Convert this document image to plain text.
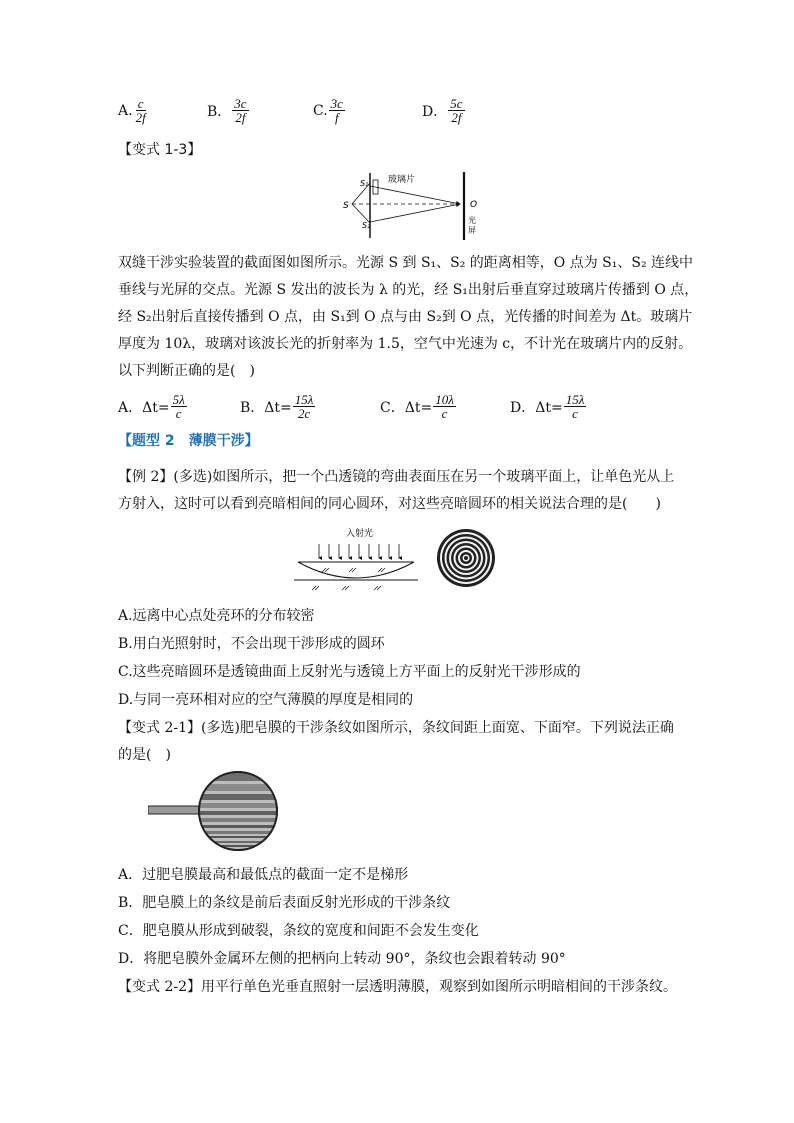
A. $\frac{c}{2f}$	B． $\frac{3c}{2f}$	C. $\frac{3c}{f}$	D． $\frac{5c}{2f}$
【变式 1-3】
玻璃片
S₁
S
S₂
O
光
屏
双缝干涉实验装置的截面图如图所示。光源 S 到 S₁、S₂ 的距离相等，O 点为 S₁、S₂ 连线中
垂线与光屏的交点。光源 S 发出的波长为 λ 的光，经 S₁出射后垂直穿过玻璃片传播到 O 点，
经 S₂出射后直接传播到 O 点，由 S₁到 O 点与由 S₂到 O 点，光传播的时间差为 Δt。玻璃片
厚度为 10λ，玻璃对该波长光的折射率为 1.5，空气中光速为 c，不计光在玻璃片内的反射。
以下判断正确的是(　)
A．$\Delta t= \frac{5\lambda}{c}$	B．$\Delta t= \frac{15\lambda}{2c}$	C．$\Delta t= \frac{10\lambda}{c}$	D．$\Delta t= \frac{15\lambda}{c}$
【题型 2　薄膜干涉】
【例 2】(多选)如图所示，把一个凸透镜的弯曲表面压在另一个玻璃平面上，让单色光从上
方射入，这时可以看到亮暗相间的同心圆环，对这些亮暗圆环的相关说法合理的是(　　)
入射光
A.远离中心点处亮环的分布较密
B.用白光照射时，不会出现干涉形成的圆环
C.这些亮暗圆环是透镜曲面上反射光与透镜上方平面上的反射光干涉形成的
D.与同一亮环相对应的空气薄膜的厚度是相同的
【变式 2-1】(多选)肥皂膜的干涉条纹如图所示，条纹间距上面宽、下面窄。下列说法正确
的是(　)
A．过肥皂膜最高和最低点的截面一定不是梯形
B．肥皂膜上的条纹是前后表面反射光形成的干涉条纹
C．肥皂膜从形成到破裂，条纹的宽度和间距不会发生变化
D．将肥皂膜外金属环左侧的把柄向上转动 90°，条纹也会跟着转动 90°
【变式 2-2】用平行单色光垂直照射一层透明薄膜，观察到如图所示明暗相间的干涉条纹。
